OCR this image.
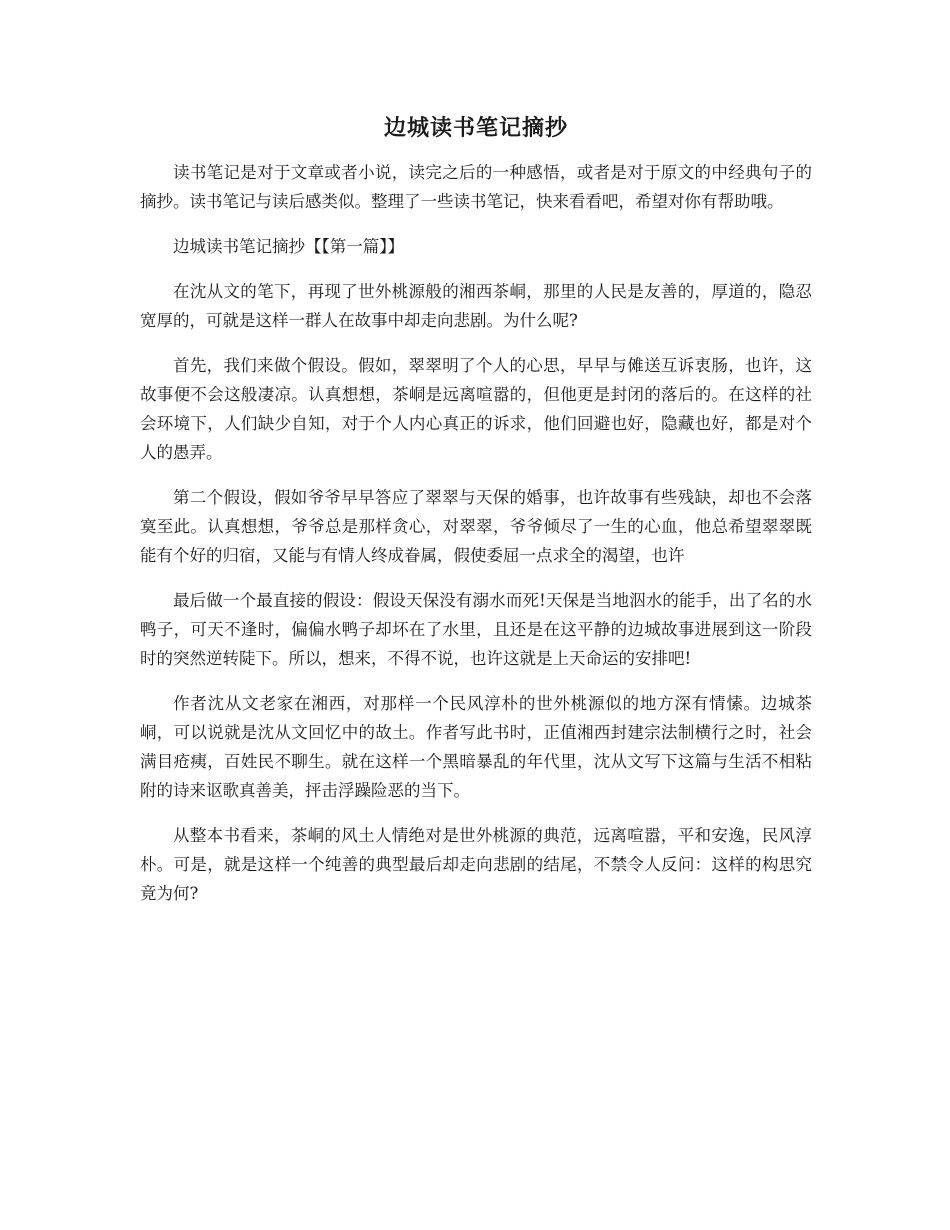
边城读书笔记摘抄

读书笔记是对于文章或者小说，读完之后的一种感悟，或者是对于原文的中经典句子的摘抄。读书笔记与读后感类似。整理了一些读书笔记，快来看看吧，希望对你有帮助哦。

边城读书笔记摘抄【【第一篇】】

在沈从文的笔下，再现了世外桃源般的湘西茶峒，那里的人民是友善的，厚道的，隐忍宽厚的，可就是这样一群人在故事中却走向悲剧。为什么呢?

首先，我们来做个假设。假如，翠翠明了个人的心思，早早与傩送互诉衷肠，也许，这故事便不会这般凄凉。认真想想，茶峒是远离喧嚣的，但他更是封闭的落后的。在这样的社会环境下，人们缺少自知，对于个人内心真正的诉求，他们回避也好，隐藏也好，都是对个人的愚弄。

第二个假设，假如爷爷早早答应了翠翠与天保的婚事，也许故事有些残缺，却也不会落寞至此。认真想想，爷爷总是那样贪心，对翠翠，爷爷倾尽了一生的心血，他总希望翠翠既能有个好的归宿，又能与有情人终成眷属，假使委屈一点求全的渴望，也许

最后做一个最直接的假设：假设天保没有溺水而死!天保是当地泅水的能手，出了名的水鸭子，可天不逢时，偏偏水鸭子却坏在了水里，且还是在这平静的边城故事进展到这一阶段时的突然逆转陡下。所以，想来，不得不说，也许这就是上天命运的安排吧!

作者沈从文老家在湘西，对那样一个民风淳朴的世外桃源似的地方深有情愫。边城茶峒，可以说就是沈从文回忆中的故土。作者写此书时，正值湘西封建宗法制横行之时，社会满目疮痍，百姓民不聊生。就在这样一个黑暗暴乱的年代里，沈从文写下这篇与生活不相粘附的诗来讴歌真善美，抨击浮躁险恶的当下。

从整本书看来，茶峒的风土人情绝对是世外桃源的典范，远离喧嚣，平和安逸，民风淳朴。可是，就是这样一个纯善的典型最后却走向悲剧的结尾，不禁令人反问：这样的构思究竟为何?
